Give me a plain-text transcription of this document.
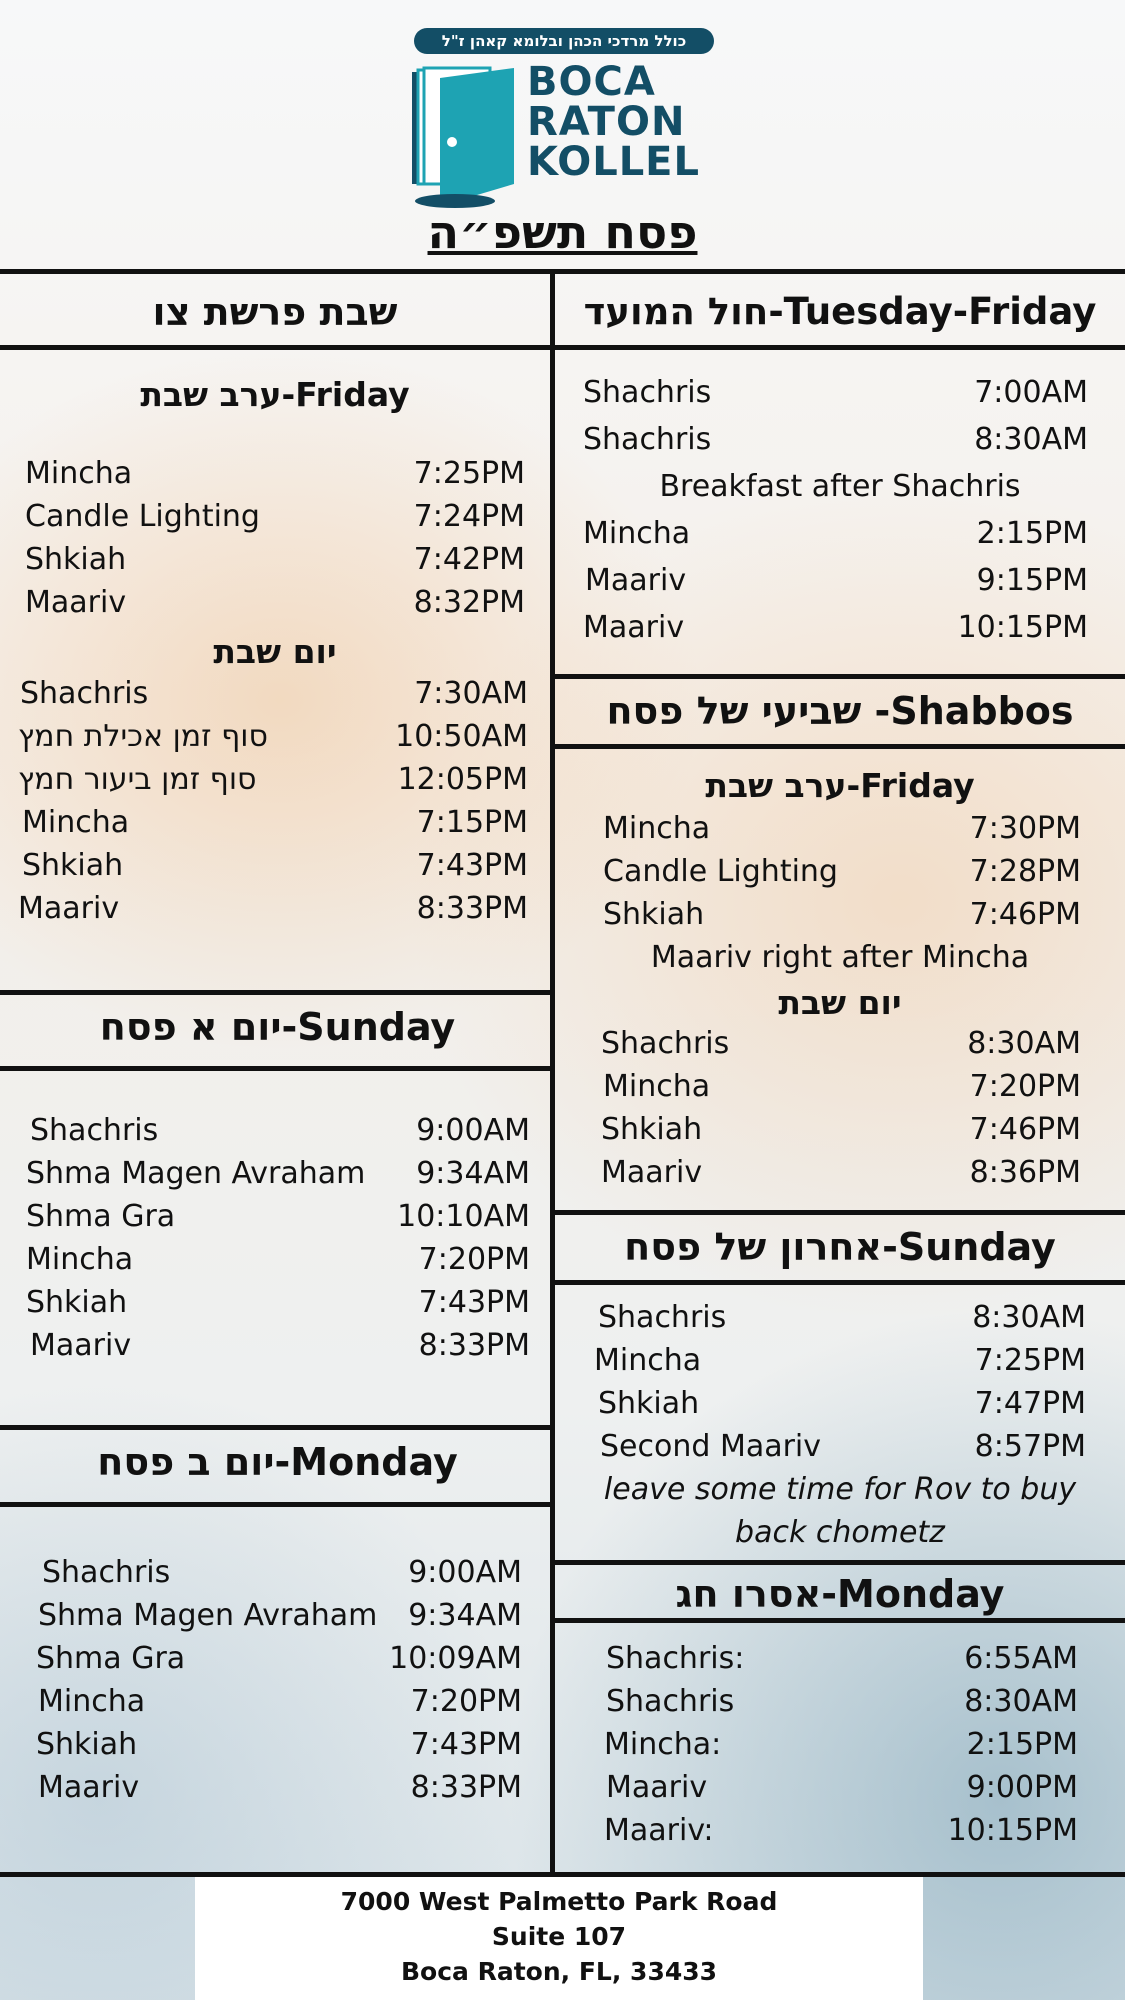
כולל מרדכי הכהן ובלומא קאהן ז"ל
BOCA
RATON
KOLLEL
פסח תשפ״ה
שבת פרשת צו
ערב שבת-Friday
Mincha	7:25PM
Candle Lighting	7:24PM
Shkiah	7:42PM
Maariv	8:32PM
יום שבת
Shachris	7:30AM
סוף זמן אכילת חמץ	10:50AM
סוף זמן ביעור חמץ	12:05PM
Mincha	7:15PM
Shkiah	7:43PM
Maariv	8:33PM
יום א פסח-Sunday
Shachris	9:00AM
Shma Magen Avraham 9:34AM
Shma Gra	10:10AM
Mincha	7:20PM
Shkiah	7:43PM
Maariv	8:33PM
יום ב פסח-Monday
Shachris	9:00AM
Shma Magen Avraham 9:34AM
Shma Gra	10:09AM
Mincha	7:20PM
Shkiah	7:43PM
Maariv	8:33PM
חול המועד-Tuesday-Friday
Shachris	7:00AM
Shachris	8:30AM
Breakfast after Shachris
Mincha	2:15PM
Maariv	9:15PM
Maariv	10:15PM
שביעי של פסח -Shabbos
ערב שבת-Friday
Mincha	7:30PM
Candle Lighting	7:28PM
Shkiah	7:46PM
Maariv right after Mincha
יום שבת
Shachris	8:30AM
Mincha	7:20PM
Shkiah	7:46PM
Maariv	8:36PM
אחרון של פסח-Sunday
Shachris	8:30AM
Mincha	7:25PM
Shkiah	7:47PM
Second Maariv	8:57PM
leave some time for Rov to buy
back chometz
אסרו חג-Monday
Shachris:	6:55AM
Shachris	8:30AM
Mincha:	2:15PM
Maariv	9:00PM
Maariv:	10:15PM
7000 West Palmetto Park Road
Suite 107
Boca Raton, FL, 33433
